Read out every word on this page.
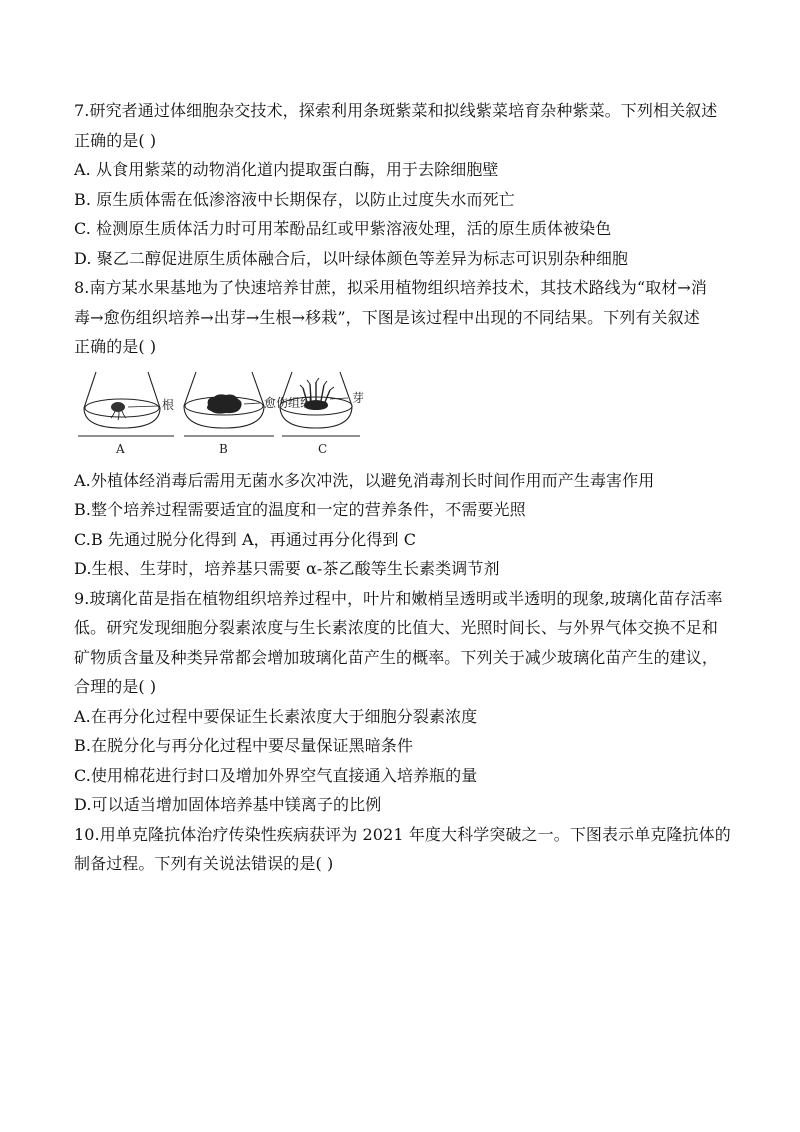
7.研究者通过体细胞杂交技术，探索利用条斑紫菜和拟线紫菜培育杂种紫菜。下列相关叙述
正确的是( )
A. 从食用紫菜的动物消化道内提取蛋白酶，用于去除细胞壁
B. 原生质体需在低渗溶液中长期保存，以防止过度失水而死亡
C. 检测原生质体活力时可用苯酚品红或甲紫溶液处理，活的原生质体被染色
D. 聚乙二醇促进原生质体融合后，以叶绿体颜色等差异为标志可识别杂种细胞
8.南方某水果基地为了快速培养甘蔗，拟采用植物组织培养技术，其技术路线为“取材→消
毒→愈伤组织培养→出芽→生根→移栽”，下图是该过程中出现的不同结果。下列有关叙述
正确的是( )
根	愈伤组织	芽
A	B	C
A.外植体经消毒后需用无菌水多次冲洗，以避免消毒剂长时间作用而产生毒害作用
B.整个培养过程需要适宜的温度和一定的营养条件，不需要光照
C.B 先通过脱分化得到 A，再通过再分化得到 C
D.生根、生芽时，培养基只需要 α-茶乙酸等生长素类调节剂
9.玻璃化苗是指在植物组织培养过程中，叶片和嫩梢呈透明或半透明的现象,玻璃化苗存活率
低。研究发现细胞分裂素浓度与生长素浓度的比值大、光照时间长、与外界气体交换不足和
矿物质含量及种类异常都会增加玻璃化苗产生的概率。下列关于减少玻璃化苗产生的建议，
合理的是( )
A.在再分化过程中要保证生长素浓度大于细胞分裂素浓度
B.在脱分化与再分化过程中要尽量保证黑暗条件
C.使用棉花进行封口及增加外界空气直接通入培养瓶的量
D.可以适当增加固体培养基中镁离子的比例
10.用单克隆抗体治疗传染性疾病获评为 2021 年度大科学突破之一。下图表示单克隆抗体的
制备过程。下列有关说法错误的是( )
